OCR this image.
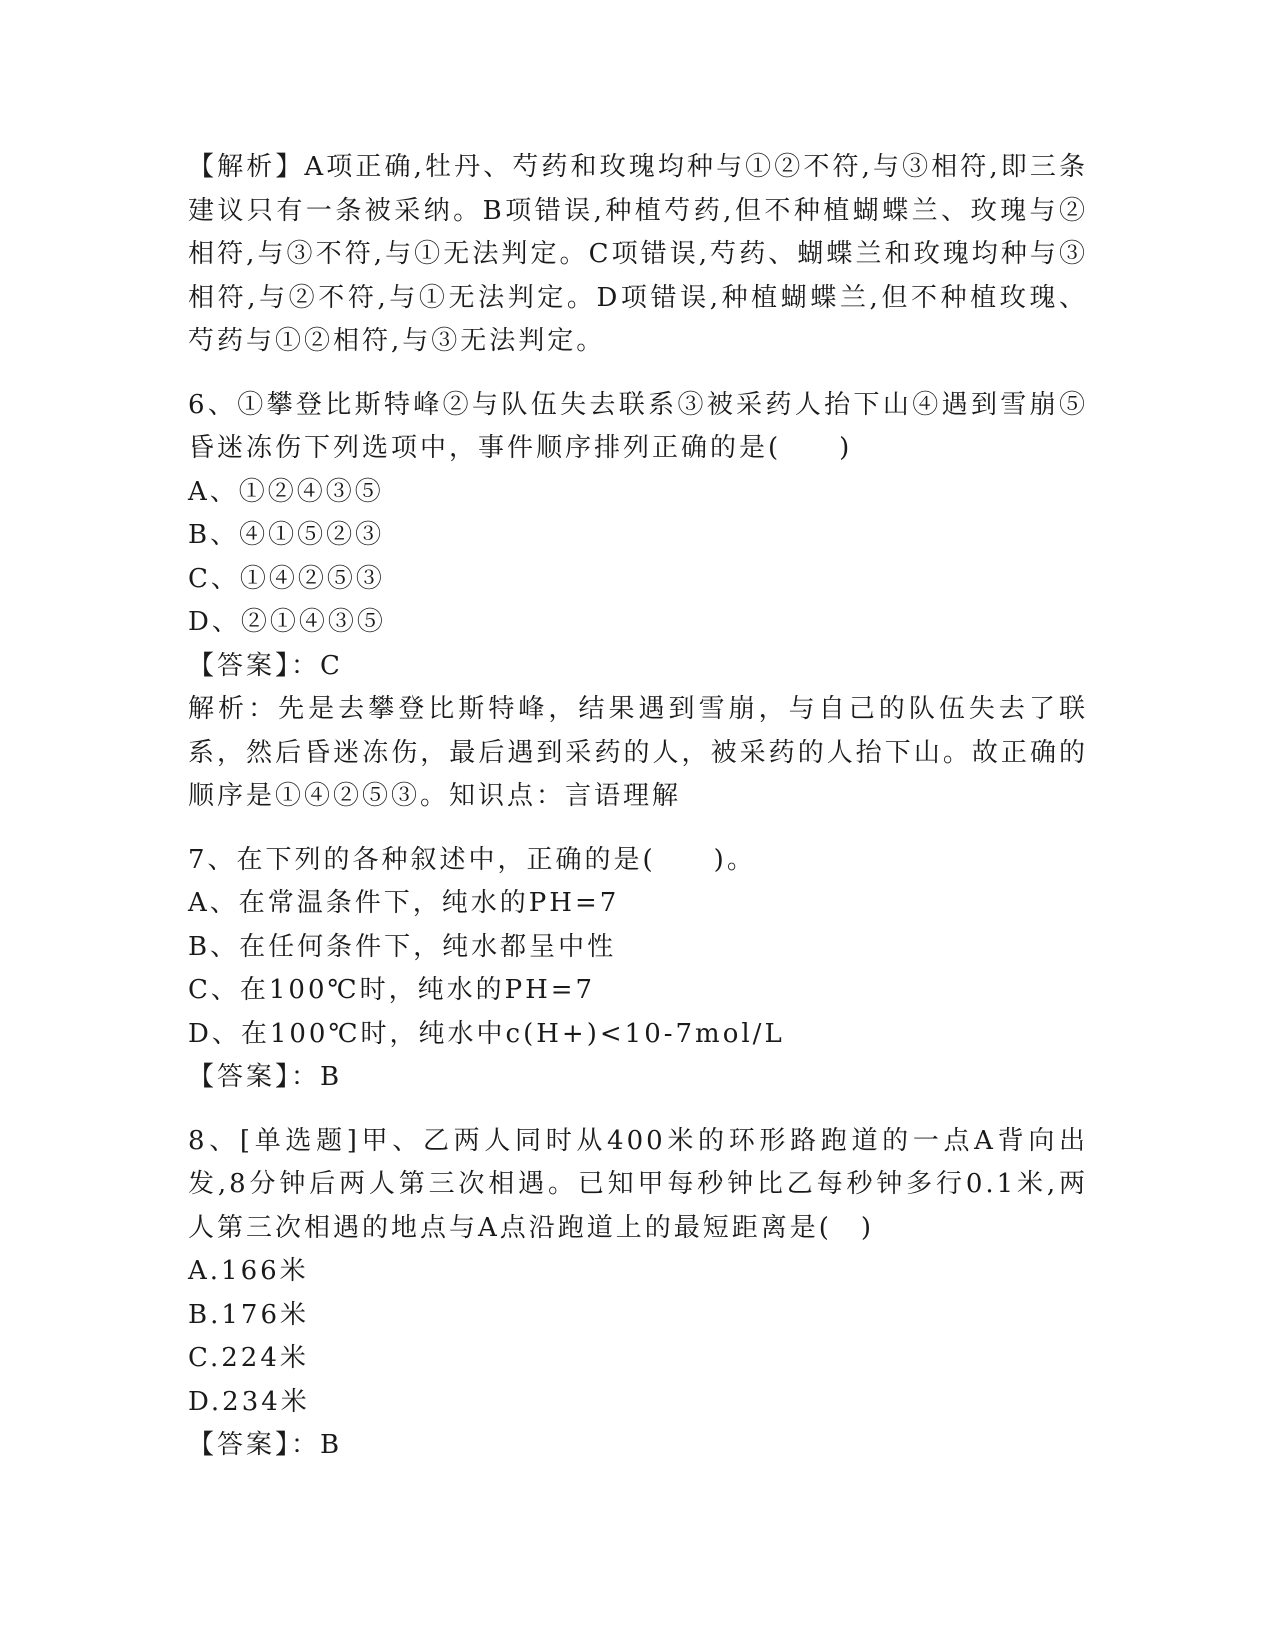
【解析】A项正确,牡丹、芍药和玫瑰均种与①②不符,与③相符,即三条建议只有一条被采纳。B项错误,种植芍药,但不种植蝴蝶兰、玫瑰与②相符,与③不符,与①无法判定。C项错误,芍药、蝴蝶兰和玫瑰均种与③相符,与②不符,与①无法判定。D项错误,种植蝴蝶兰,但不种植玫瑰、芍药与①②相符,与③无法判定。

6、①攀登比斯特峰②与队伍失去联系③被采药人抬下山④遇到雪崩⑤昏迷冻伤下列选项中，事件顺序排列正确的是(　　)

A、①②④③⑤

B、④①⑤②③

C、①④②⑤③

D、②①④③⑤

【答案】：C

解析：先是去攀登比斯特峰，结果遇到雪崩，与自己的队伍失去了联系，然后昏迷冻伤，最后遇到采药的人，被采药的人抬下山。故正确的顺序是①④②⑤③。知识点：言语理解

7、在下列的各种叙述中，正确的是(　　)。

A、在常温条件下，纯水的PH=7

B、在任何条件下，纯水都呈中性

C、在100℃时，纯水的PH=7

D、在100℃时，纯水中c(H+)<10-7mol/L

【答案】：B

8、[单选题]甲、乙两人同时从400米的环形路跑道的一点A背向出发,8分钟后两人第三次相遇。已知甲每秒钟比乙每秒钟多行0.1米,两人第三次相遇的地点与A点沿跑道上的最短距离是(　)

A.166米

B.176米

C.224米

D.234米

【答案】：B
